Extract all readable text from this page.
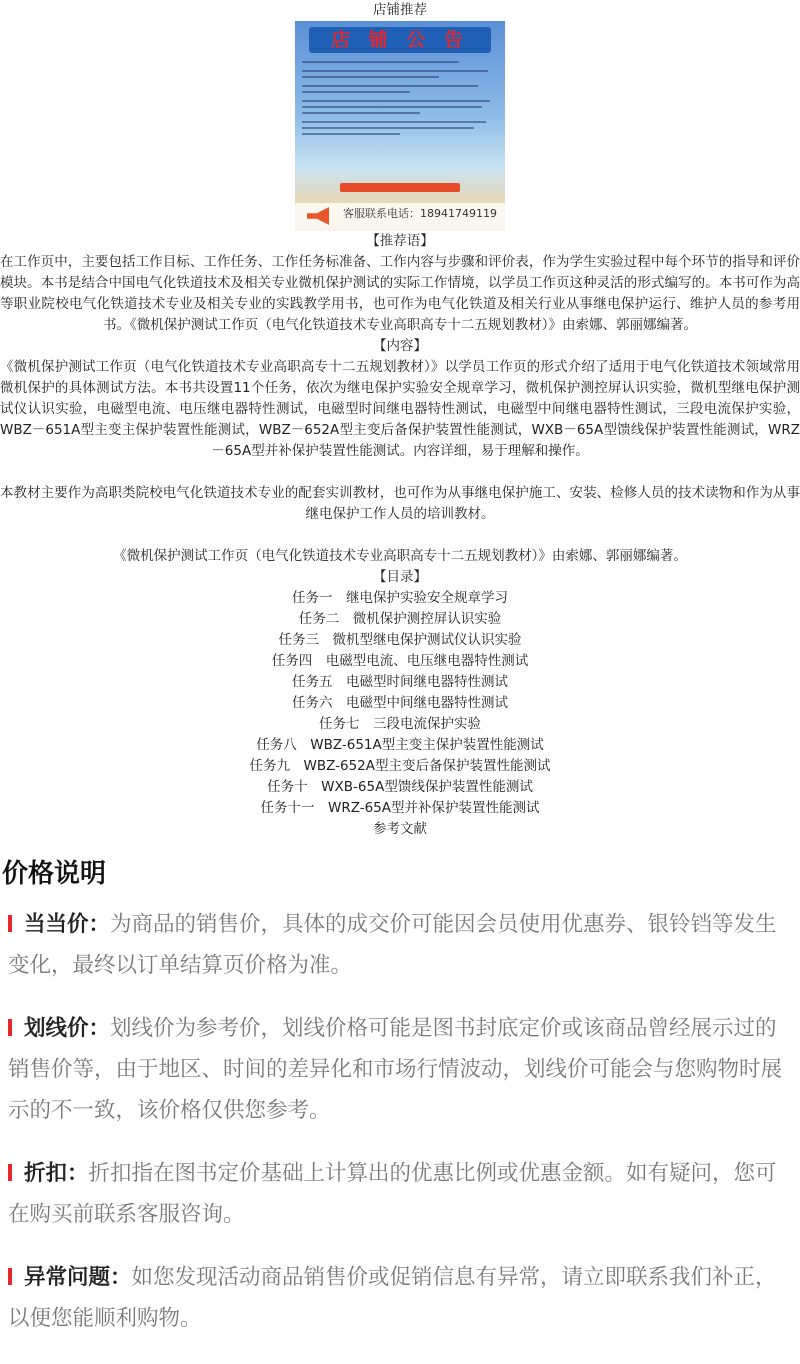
店铺推荐

店 铺 公 告
客服联系电话：18941749119

【推荐语】

在工作页中，主要包括工作目标、工作任务、工作任务标准备、工作内容与步骤和评价表，作为学生实验过程中每个环节的指导和评价模块。本书是结合中国电气化铁道技术及相关专业微机保护测试的实际工作情境，以学员工作页这种灵活的形式编写的。本书可作为高等职业院校电气化铁道技术专业及相关专业的实践教学用书，也可作为电气化铁道及相关行业从事继电保护运行、维护人员的参考用书。《微机保护测试工作页（电气化铁道技术专业高职高专十二五规划教材）》由索娜、郭丽娜编著。

【内容】

《微机保护测试工作页（电气化铁道技术专业高职高专十二五规划教材）》以学员工作页的形式介绍了适用于电气化铁道技术领域常用微机保护的具体测试方法。本书共设置11个任务，依次为继电保护实验安全规章学习，微机保护测控屏认识实验，微机型继电保护测试仪认识实验，电磁型电流、电压继电器特性测试，电磁型时间继电器特性测试，电磁型中间继电器特性测试，三段电流保护实验，WBZ－651A型主变主保护装置性能测试，WBZ－652A型主变后备保护装置性能测试，WXB－65A型馈线保护装置性能测试，WRZ－65A型并补保护装置性能测试。内容详细，易于理解和操作。

本教材主要作为高职类院校电气化铁道技术专业的配套实训教材，也可作为从事继电保护施工、安装、检修人员的技术读物和作为从事继电保护工作人员的培训教材。

《微机保护测试工作页（电气化铁道技术专业高职高专十二五规划教材）》由索娜、郭丽娜编著。

【目录】

任务一　继电保护实验安全规章学习

任务二　微机保护测控屏认识实验

任务三　微机型继电保护测试仪认识实验

任务四　电磁型电流、电压继电器特性测试

任务五　电磁型时间继电器特性测试

任务六　电磁型中间继电器特性测试

任务七　三段电流保护实验

任务八　WBZ-651A型主变主保护装置性能测试

任务九　WBZ-652A型主变后备保护装置性能测试

任务十　WXB-65A型馈线保护装置性能测试

任务十一　WRZ-65A型并补保护装置性能测试

参考文献

价格说明
当当价：为商品的销售价，具体的成交价可能因会员使用优惠券、银铃铛等发生变化，最终以订单结算页价格为准。
划线价：划线价为参考价，划线价格可能是图书封底定价或该商品曾经展示过的销售价等，由于地区、时间的差异化和市场行情波动，划线价可能会与您购物时展示的不一致，该价格仅供您参考。
折扣：折扣指在图书定价基础上计算出的优惠比例或优惠金额。如有疑问，您可在购买前联系客服咨询。
异常问题：如您发现活动商品销售价或促销信息有异常，请立即联系我们补正，以便您能顺利购物。
